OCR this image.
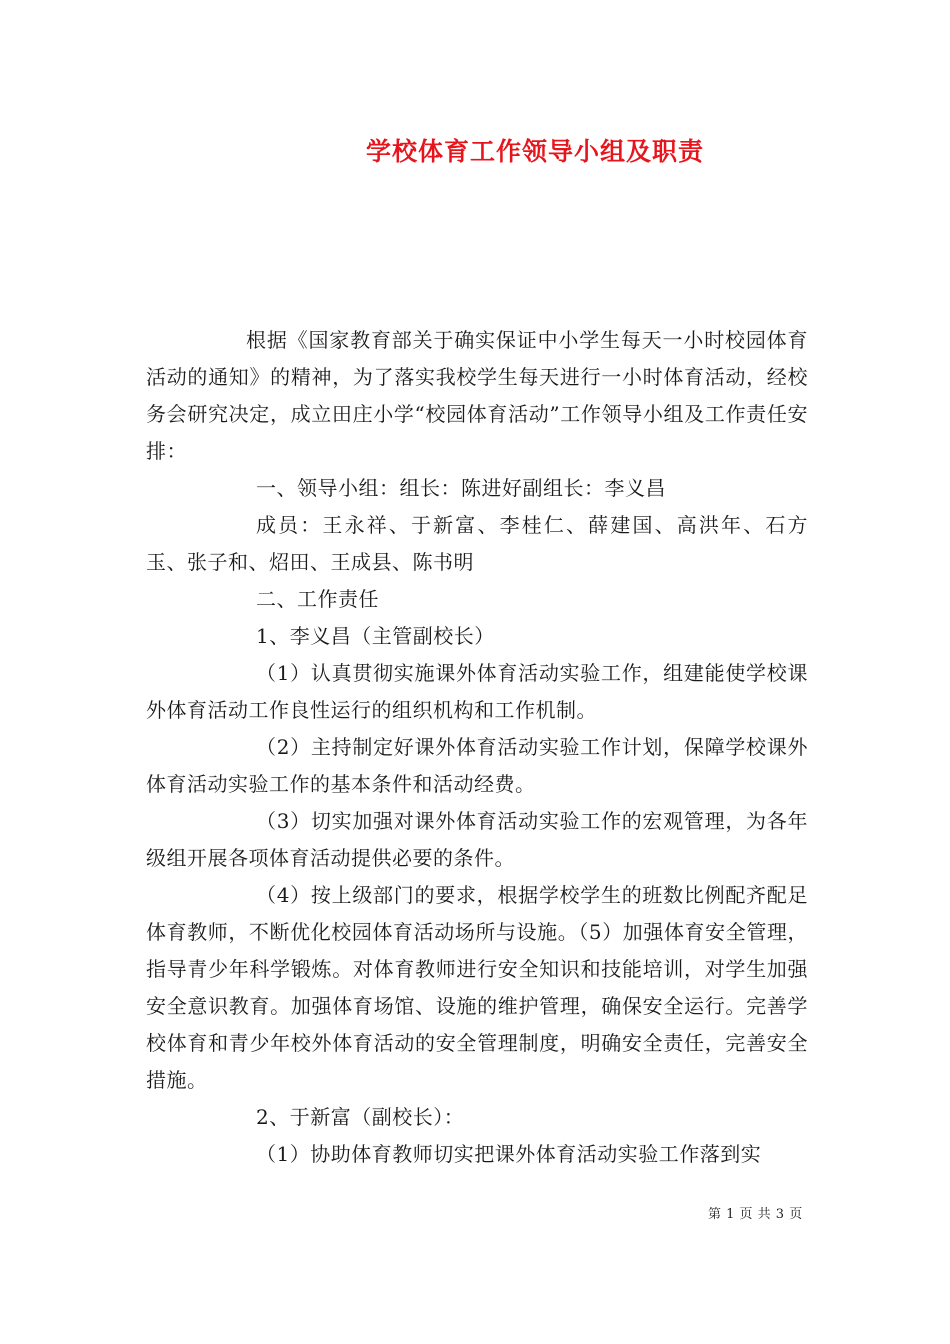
学校体育工作领导小组及职责

根据《国家教育部关于确实保证中小学生每天一小时校园体育活动的通知》的精神，为了落实我校学生每天进行一小时体育活动，经校务会研究决定，成立田庄小学“校园体育活动”工作领导小组及工作责任安排：

一、领导小组：组长：陈进好副组长：李义昌

成员：王永祥、于新富、李桂仁、薛建国、高洪年、石方玉、张子和、炤田、王成县、陈书明

二、工作责任

1、李义昌（主管副校长）

（1）认真贯彻实施课外体育活动实验工作，组建能使学校课外体育活动工作良性运行的组织机构和工作机制。

（2）主持制定好课外体育活动实验工作计划，保障学校课外体育活动实验工作的基本条件和活动经费。

（3）切实加强对课外体育活动实验工作的宏观管理，为各年级组开展各项体育活动提供必要的条件。

（4）按上级部门的要求，根据学校学生的班数比例配齐配足体育教师，不断优化校园体育活动场所与设施。（5）加强体育安全管理，指导青少年科学锻炼。对体育教师进行安全知识和技能培训，对学生加强安全意识教育。加强体育场馆、设施的维护管理，确保安全运行。完善学校体育和青少年校外体育活动的安全管理制度，明确安全责任，完善安全措施。

2、于新富（副校长）：

（1）协助体育教师切实把课外体育活动实验工作落到实

第 1 页 共 3 页
